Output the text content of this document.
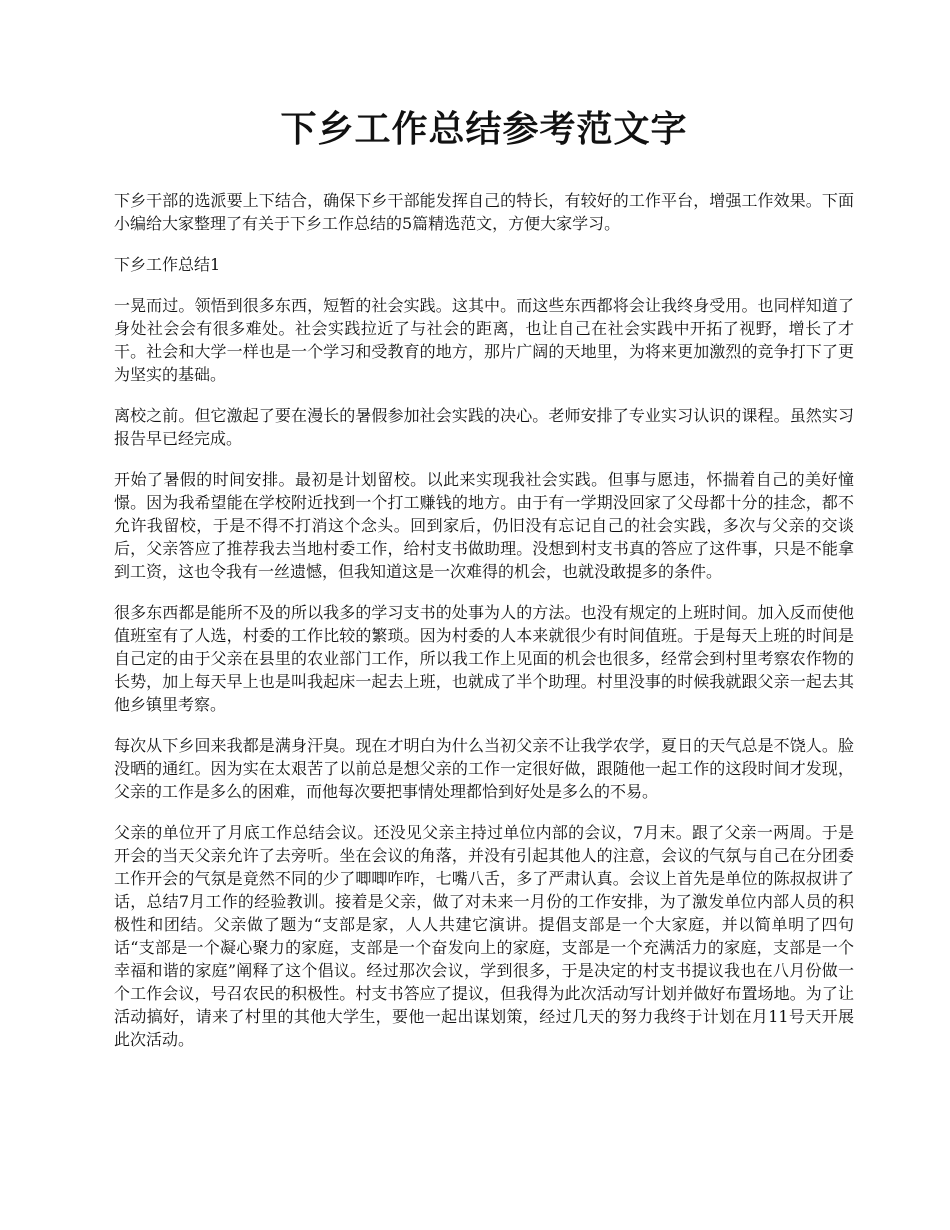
下乡工作总结参考范文字

下乡干部的选派要上下结合，确保下乡干部能发挥自己的特长，有较好的工作平台，增强工作效果。下面小编给大家整理了有关于下乡工作总结的5篇精选范文，方便大家学习。

下乡工作总结1

一晃而过。领悟到很多东西，短暂的社会实践。这其中。而这些东西都将会让我终身受用。也同样知道了身处社会会有很多难处。社会实践拉近了与社会的距离，也让自己在社会实践中开拓了视野，增长了才干。社会和大学一样也是一个学习和受教育的地方，那片广阔的天地里，为将来更加激烈的竞争打下了更为坚实的基础。

离校之前。但它激起了要在漫长的暑假参加社会实践的决心。老师安排了专业实习认识的课程。虽然实习报告早已经完成。

开始了暑假的时间安排。最初是计划留校。以此来实现我社会实践。但事与愿违，怀揣着自己的美好憧憬。因为我希望能在学校附近找到一个打工赚钱的地方。由于有一学期没回家了父母都十分的挂念，都不允许我留校，于是不得不打消这个念头。回到家后，仍旧没有忘记自己的社会实践，多次与父亲的交谈后，父亲答应了推荐我去当地村委工作，给村支书做助理。没想到村支书真的答应了这件事，只是不能拿到工资，这也令我有一丝遗憾，但我知道这是一次难得的机会，也就没敢提多的条件。

很多东西都是能所不及的所以我多的学习支书的处事为人的方法。也没有规定的上班时间。加入反而使他值班室有了人选，村委的工作比较的繁琐。因为村委的人本来就很少有时间值班。于是每天上班的时间是自己定的由于父亲在县里的农业部门工作，所以我工作上见面的机会也很多，经常会到村里考察农作物的长势，加上每天早上也是叫我起床一起去上班，也就成了半个助理。村里没事的时候我就跟父亲一起去其他乡镇里考察。

每次从下乡回来我都是满身汗臭。现在才明白为什么当初父亲不让我学农学，夏日的天气总是不饶人。脸没晒的通红。因为实在太艰苦了以前总是想父亲的工作一定很好做，跟随他一起工作的这段时间才发现，父亲的工作是多么的困难，而他每次要把事情处理都恰到好处是多么的不易。

父亲的单位开了月底工作总结会议。还没见父亲主持过单位内部的会议，7月末。跟了父亲一两周。于是开会的当天父亲允许了去旁听。坐在会议的角落，并没有引起其他人的注意，会议的气氛与自己在分团委工作开会的气氛是竟然不同的少了唧唧咋咋，七嘴八舌，多了严肃认真。会议上首先是单位的陈叔叔讲了话，总结7月工作的经验教训。接着是父亲，做了对未来一月份的工作安排，为了激发单位内部人员的积极性和团结。父亲做了题为“支部是家，人人共建它演讲。提倡支部是一个大家庭，并以简单明了四句话“支部是一个凝心聚力的家庭，支部是一个奋发向上的家庭，支部是一个充满活力的家庭，支部是一个幸福和谐的家庭”阐释了这个倡议。经过那次会议，学到很多，于是决定的村支书提议我也在八月份做一个工作会议，号召农民的积极性。村支书答应了提议，但我得为此次活动写计划并做好布置场地。为了让活动搞好，请来了村里的其他大学生，要他一起出谋划策，经过几天的努力我终于计划在月11号天开展此次活动。
